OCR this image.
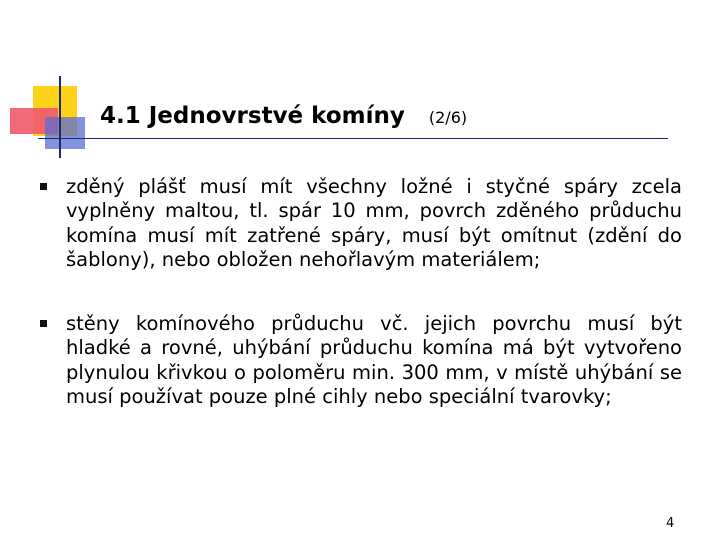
4.1 Jednovrstvé komíny (2/6)
zděný plášť musí mít všechny ložné i styčné spáry zcela vyplněny maltou, tl. spár 10 mm, povrch zděného průduchu komína musí mít zatřené spáry, musí být omítnut (zdění do šablony), nebo obložen nehořlavým materiálem;
stěny komínového průduchu vč. jejich povrchu musí být hladké a rovné, uhýbání průduchu komína má být vytvořeno plynulou křivkou o poloměru min. 300 mm, v místě uhýbání se musí používat pouze plné cihly nebo speciální tvarovky;
4
